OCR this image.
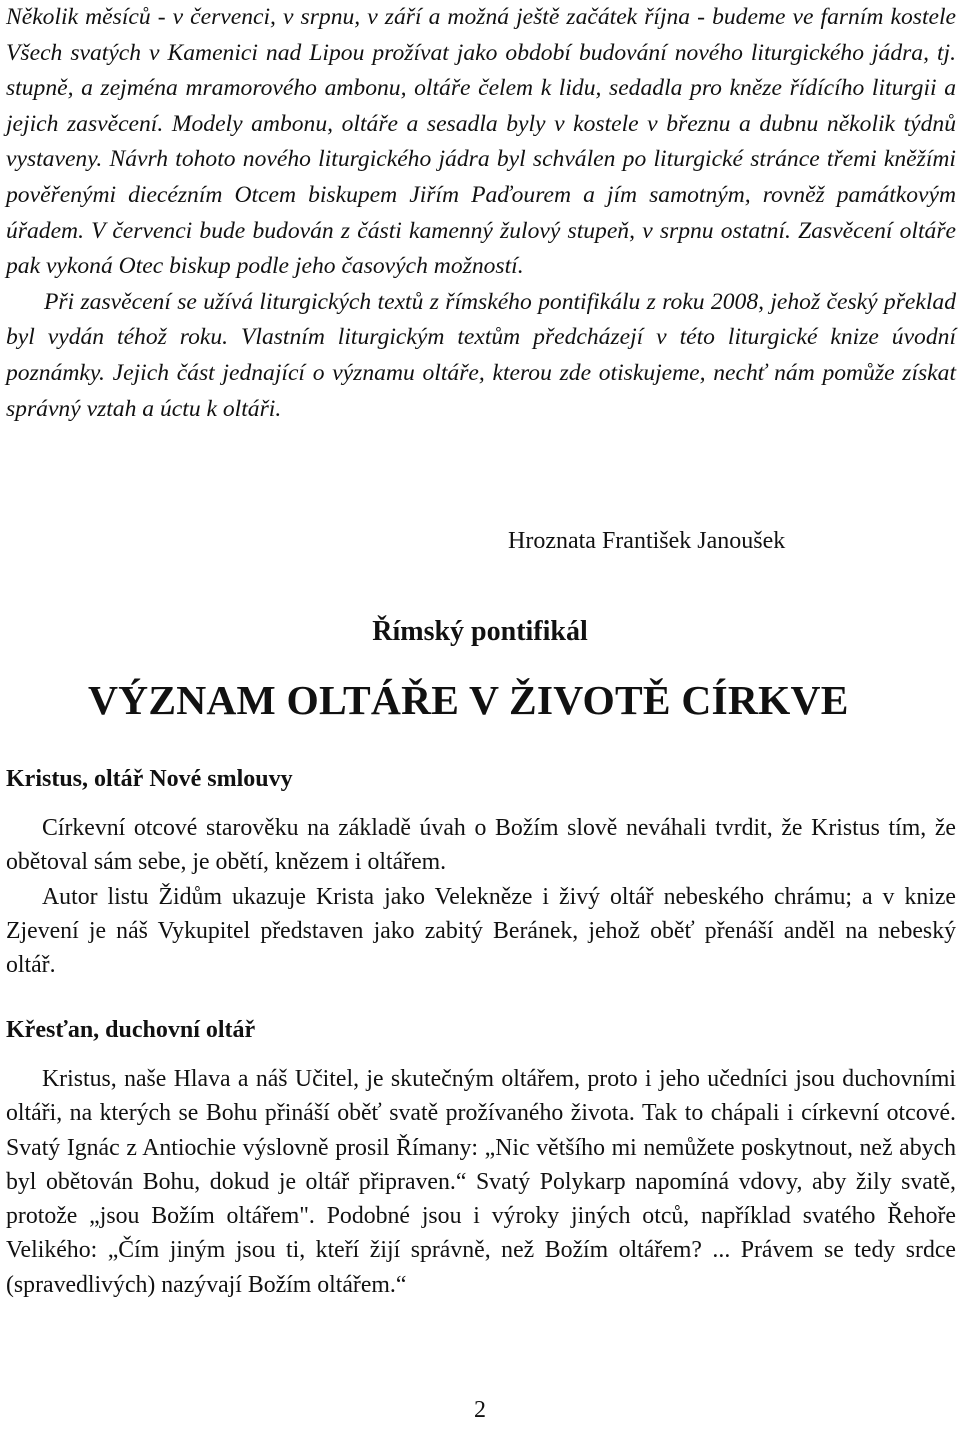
Několik měsíců - v červenci, v srpnu, v září a možná ještě začátek října - budeme ve farním kostele Všech svatých v Kamenici nad Lipou prožívat jako období budování nového liturgického jádra, tj. stupně, a zejména mramorového ambonu, oltáře čelem k lidu, sedadla pro kněze řídícího liturgii a jejich zasvěcení. Modely ambonu, oltáře a sesadla byly v kostele v březnu a dubnu několik týdnů vystaveny. Návrh tohoto nového liturgického jádra byl schválen po liturgické stránce třemi kněžími pověřenými diecézním Otcem biskupem Jiřím Paďourem a jím samotným, rovněž památkovým úřadem. V červenci bude budován z části kamenný žulový stupeň, v srpnu ostatní. Zasvěcení oltáře pak vykoná Otec biskup podle jeho časových možností.

Při zasvěcení se užívá liturgických textů z římského pontifikálu z roku 2008, jehož český překlad byl vydán téhož roku. Vlastním liturgickým textům předcházejí v této liturgické knize úvodní poznámky. Jejich část jednající o významu oltáře, kterou zde otiskujeme, nechť nám pomůže získat správný vztah a úctu k oltáři.

Hroznata František Janoušek

Římský pontifikál
VÝZNAM OLTÁŘE V ŽIVOTĚ CÍRKVE
Kristus, oltář Nové smlouvy

Církevní otcové starověku na základě úvah o Božím slově neváhali tvrdit, že Kristus tím, že obětoval sám sebe, je obětí, knězem i oltářem.

Autor listu Židům ukazuje Krista jako Velekněze i živý oltář nebeského chrámu; a v knize Zjevení je náš Vykupitel představen jako zabitý Beránek, jehož oběť přenáší anděl na nebeský oltář.

Křesťan, duchovní oltář

Kristus, naše Hlava a náš Učitel, je skutečným oltářem, proto i jeho učedníci jsou duchovními oltáři, na kterých se Bohu přináší oběť svatě prožívaného života. Tak to chápali i církevní otcové. Svatý Ignác z Antiochie výslovně prosil Římany: „Nic většího mi nemůžete poskytnout, než abych byl obětován Bohu, dokud je oltář připraven.“ Svatý Polykarp napomíná vdovy, aby žily svatě, protože „jsou Božím oltářem". Podobné jsou i výroky jiných otců, například svatého Řehoře Velikého: „Čím jiným jsou ti, kteří žijí správně, než Božím oltářem? ... Právem se tedy srdce (spravedlivých) nazývají Božím oltářem.“

2
